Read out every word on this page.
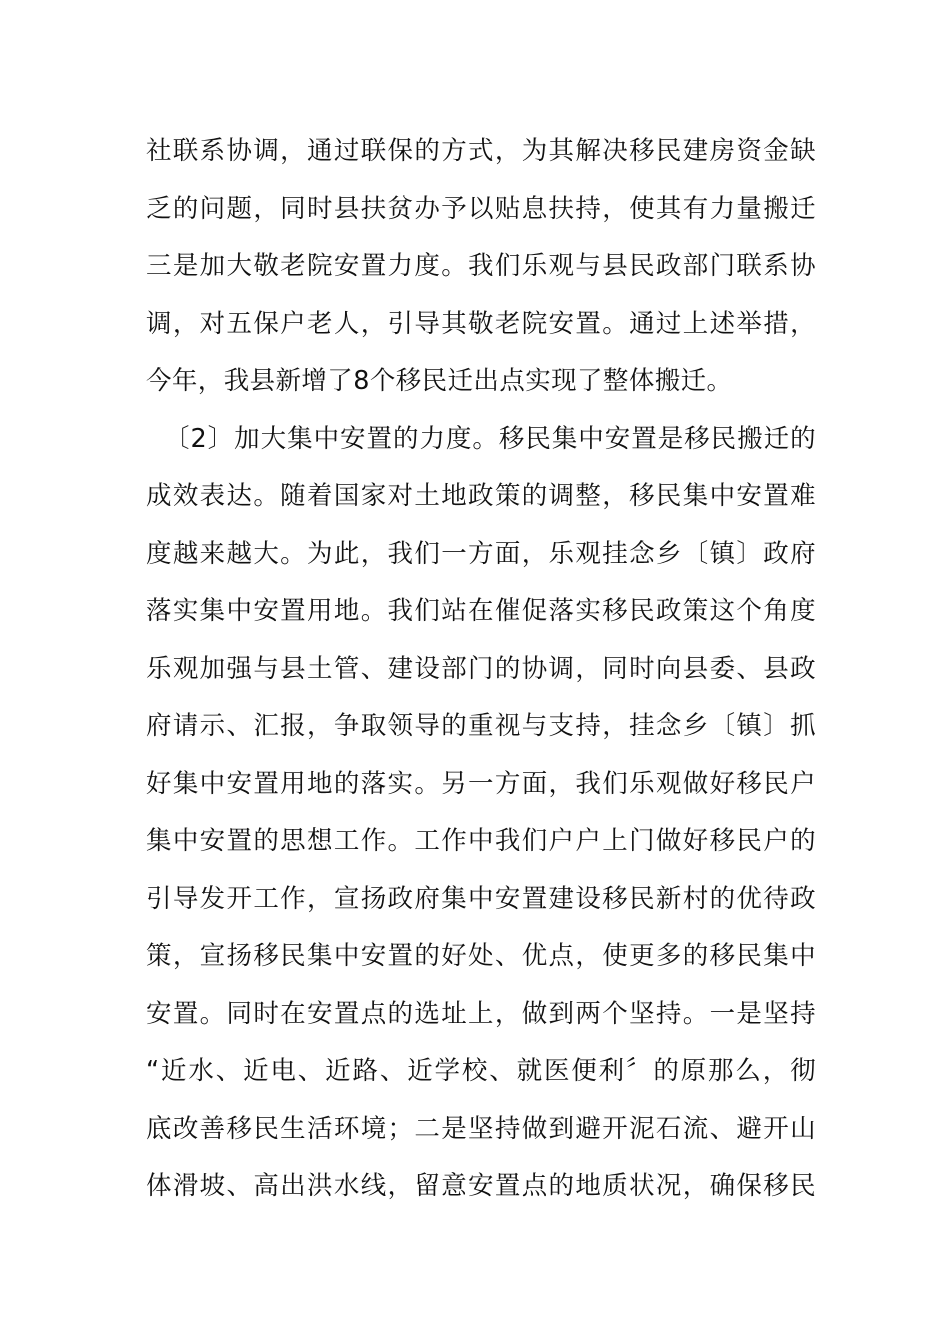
社联系协调，通过联保的方式，为其解决移民建房资金缺
乏的问题，同时县扶贫办予以贴息扶持，使其有力量搬迁
三是加大敬老院安置力度。我们乐观与县民政部门联系协
调，对五保户老人，引导其敬老院安置。通过上述举措，
今年，我县新增了8个移民迁出点实现了整体搬迁。
〔2〕加大集中安置的力度。移民集中安置是移民搬迁的
成效表达。随着国家对土地政策的调整，移民集中安置难
度越来越大。为此，我们一方面，乐观挂念乡〔镇〕政府
落实集中安置用地。我们站在催促落实移民政策这个角度
乐观加强与县土管、建设部门的协调，同时向县委、县政
府请示、汇报，争取领导的重视与支持，挂念乡〔镇〕抓
好集中安置用地的落实。另一方面，我们乐观做好移民户
集中安置的思想工作。工作中我们户户上门做好移民户的
引导发开工作，宣扬政府集中安置建设移民新村的优待政
策，宣扬移民集中安置的好处、优点，使更多的移民集中
安置。同时在安置点的选址上，做到两个坚持。一是坚持
“近水、近电、近路、近学校、就医便利〞的原那么，彻
底改善移民生活环境；二是坚持做到避开泥石流、避开山
体滑坡、高出洪水线，留意安置点的地质状况，确保移民
